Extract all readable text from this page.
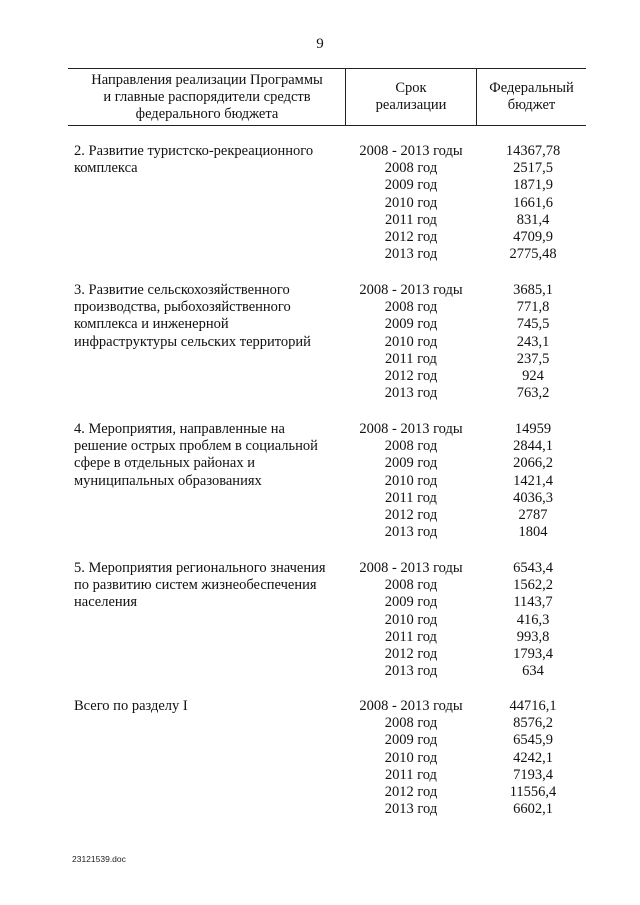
9
Направления реализации Программы
и главные распорядители средств
федерального бюджета
Срок
реализации
Федеральный
бюджет
2. Развитие туристско-рекреационного
комплекса
2008 - 2013 годы
2008 год
2009 год
2010 год
2011 год
2012 год
2013 год
14367,78
2517,5
1871,9
1661,6
831,4
4709,9
2775,48
3. Развитие сельскохозяйственного
производства, рыбохозяйственного
комплекса и инженерной
инфраструктуры сельских территорий
2008 - 2013 годы
2008 год
2009 год
2010 год
2011 год
2012 год
2013 год
3685,1
771,8
745,5
243,1
237,5
924
763,2
4. Мероприятия, направленные на
решение острых проблем в социальной
сфере в отдельных районах и
муниципальных образованиях
2008 - 2013 годы
2008 год
2009 год
2010 год
2011 год
2012 год
2013 год
14959
2844,1
2066,2
1421,4
4036,3
2787
1804
5. Мероприятия регионального значения
по развитию систем жизнеобеспечения
населения
2008 - 2013 годы
2008 год
2009 год
2010 год
2011 год
2012 год
2013 год
6543,4
1562,2
1143,7
416,3
993,8
1793,4
634
Всего по разделу I	2008 - 2013 годы
2008 год
2009 год
2010 год
2011 год
2012 год
2013 год
44716,1
8576,2
6545,9
4242,1
7193,4
11556,4
6602,1
23121539.doc
